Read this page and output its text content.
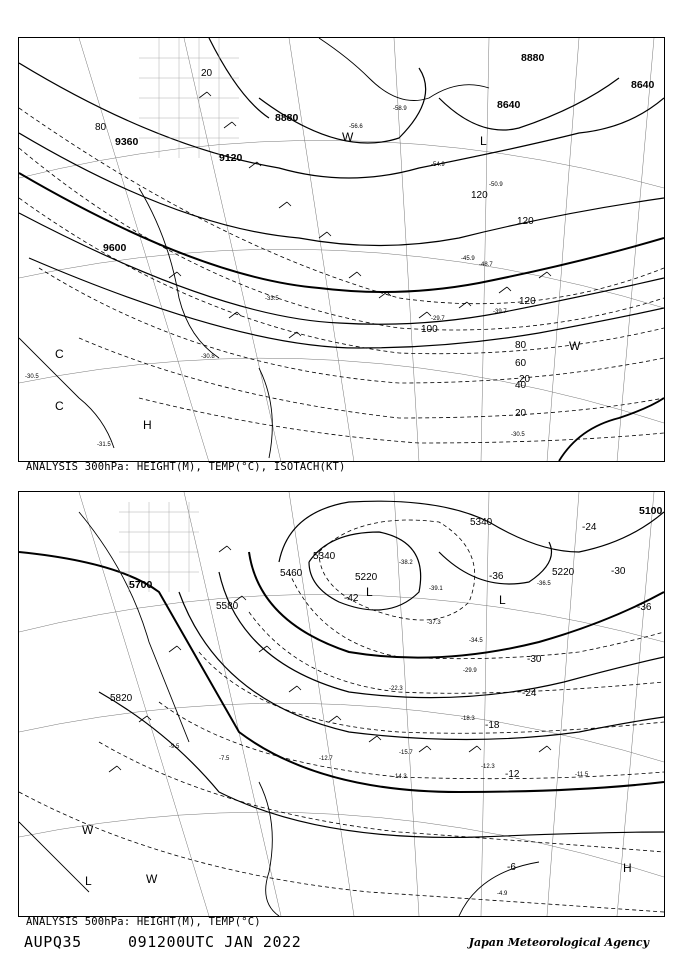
8640
8640
8880
8880
9120
9360
9600
20
20
20
40
60
80
80
100
120
120
120
H
C
C
W
W	L
-30.5
-31.5
-30.8
-29.7
-39.7
-48.7
-50.9
-56.6
-58.9
-54.9
-45.9
-33.5
-30.5
ANALYSIS 300hPa: HEIGHT(M), TEMP(°C), ISOTACH(KT)
5100
5220
5220
5340
5340
5460
5580
5700
5820
-42
-36
-36
-30
-30
-24
-24
-18
-12
-6
L
L
L
H
W
W
-38.2
-39.1
-37.3
-34.5
-36.5
-29.9
-22.3
-18.3
-15.7
-12.7
-12.3
-14.3	-11.5
-4.9
-7.5
-9.5
ANALYSIS 500hPa: HEIGHT(M), TEMP(°C)
AUPQ35	091200UTC JAN 2022	Japan Meteorological Agency
